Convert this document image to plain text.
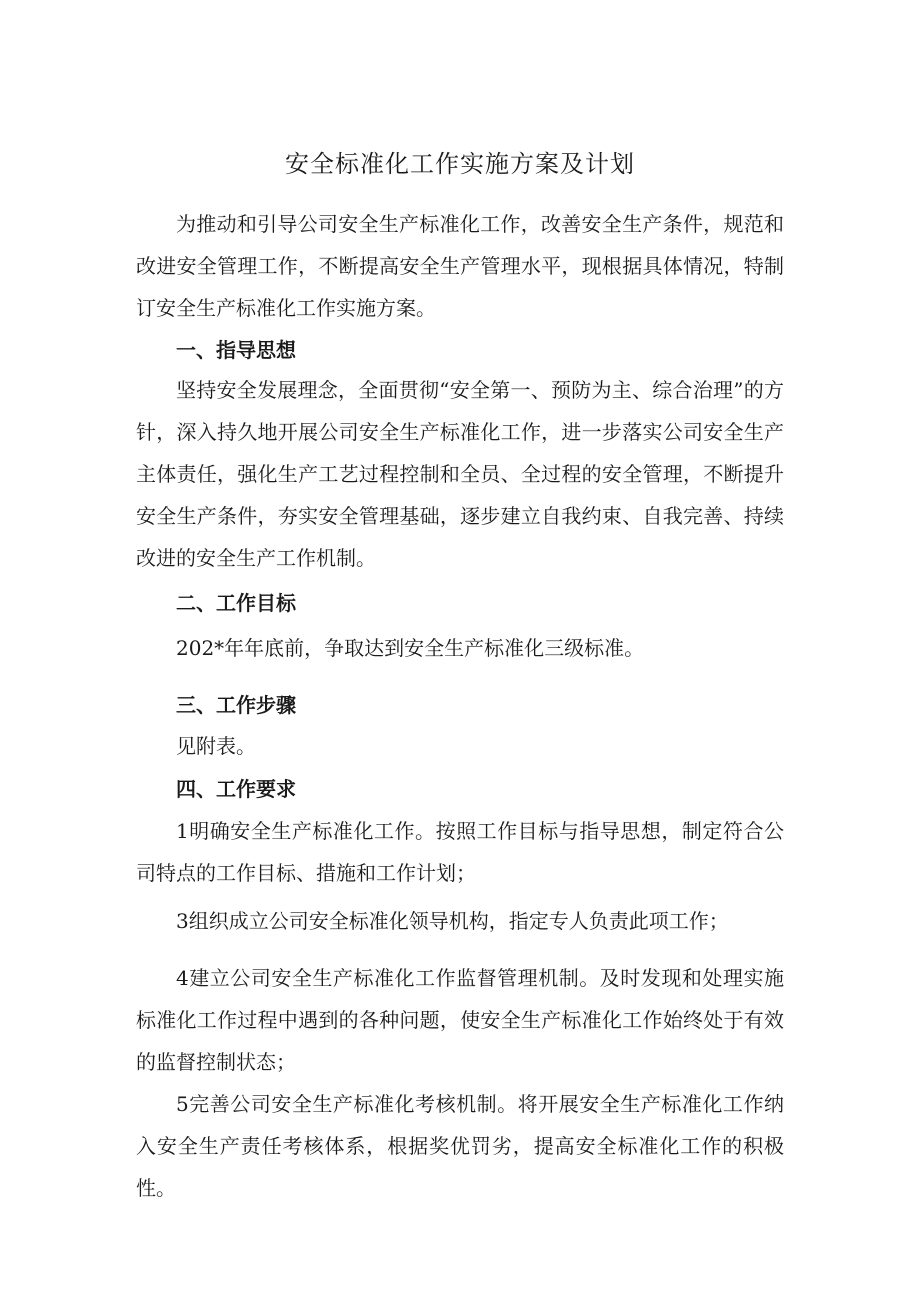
安全标准化工作实施方案及计划

为推动和引导公司安全生产标准化工作，改善安全生产条件，规范和改进安全管理工作，不断提高安全生产管理水平，现根据具体情况，特制订安全生产标准化工作实施方案。

一、指导思想

坚持安全发展理念，全面贯彻“安全第一、预防为主、综合治理”的方针，深入持久地开展公司安全生产标准化工作，进一步落实公司安全生产主体责任，强化生产工艺过程控制和全员、全过程的安全管理，不断提升安全生产条件，夯实安全管理基础，逐步建立自我约束、自我完善、持续改进的安全生产工作机制。

二、工作目标

202*年年底前，争取达到安全生产标准化三级标准。

三、工作步骤

见附表。

四、工作要求

1明确安全生产标准化工作。按照工作目标与指导思想，制定符合公司特点的工作目标、措施和工作计划；

3组织成立公司安全标准化领导机构，指定专人负责此项工作；

4建立公司安全生产标准化工作监督管理机制。及时发现和处理实施标准化工作过程中遇到的各种问题，使安全生产标准化工作始终处于有效的监督控制状态；

5完善公司安全生产标准化考核机制。将开展安全生产标准化工作纳入安全生产责任考核体系，根据奖优罚劣，提高安全标准化工作的积极性。
